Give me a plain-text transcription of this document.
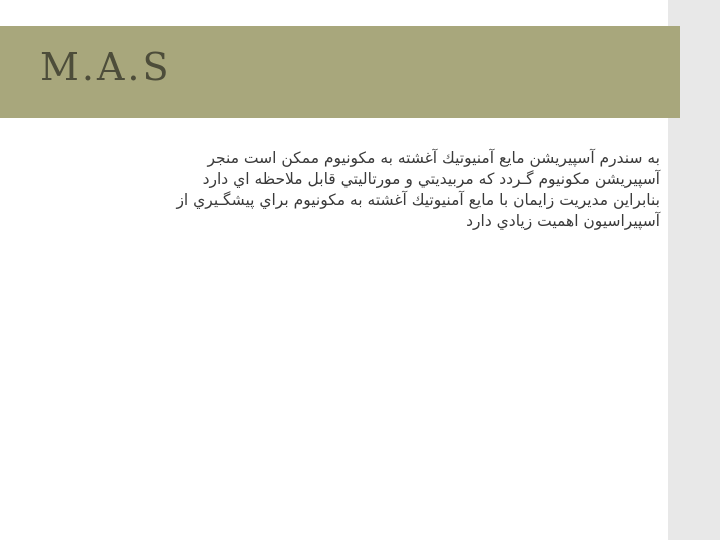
M.A.S

به سندرم آسپیریشن مایع آمنیوتیك آغشته به مكونیوم ممكن است منجر

آسپیریشن مكونیوم گـردد كه مربیدیتي و مورتالیتي قابل ملاحظه اي دارد

بنابراین مدیریت زایمان با مایع آمنیوتیك آغشته به مكونیوم براي پیشگـیري از

آسپیراسیون اهمیت زیادي دارد
